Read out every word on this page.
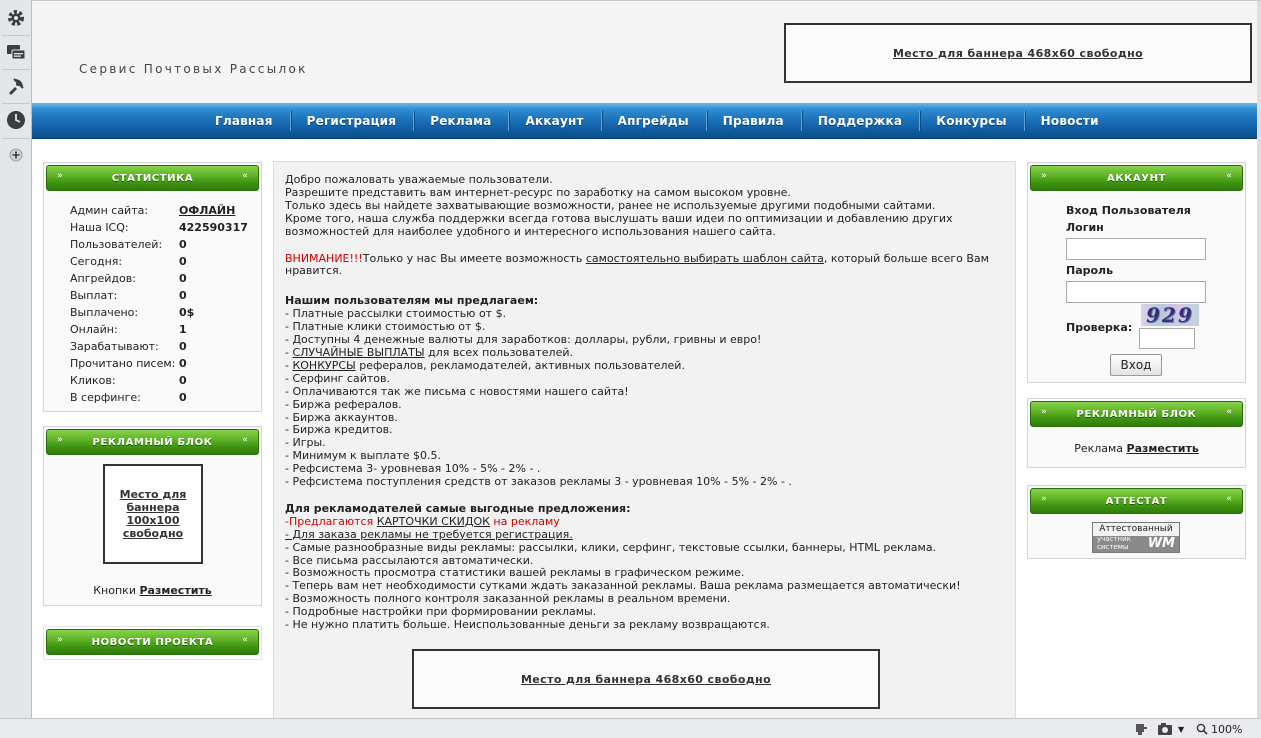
Сервис Почтовых Рассылок
Место для баннера 468х60 свободно
Главная	Регистрация	Реклама	Аккаунт	Апгрейды	Правила	Поддержка	Конкурсы	Новости
»	СТАТИСТИКА	«
Админ сайта:	ОФЛАЙН
Наша ICQ:	422590317
Пользователей: 0
Сегодня:	0
Апгрейдов:	0
Выплат:	0
Выплачено:	0$
Онлайн:	1
Зарабатывают: 0
Прочитано писем: 0
Кликов:	0
В серфинге:	0
»	РЕКЛАМНЫЙ БЛОК	«
Место для
баннера
100х100
свободно
Кнопки Разместить
»	НОВОСТИ ПРОЕКТА	«

Добро пожаловать уважаемые пользователи.

Разрешите представить вам интернет-ресурс по заработку на самом высоком уровне.

Только здесь вы найдете захватывающие возможности, ранее не используемые другими подобными сайтами.

Кроме того, наша служба поддержки всегда готова выслушать ваши идеи по оптимизации и добавлению других

возможностей для наиболее удобного и интересного использования нашего сайта.

ВНИМАНИЕ!!!Только у нас Вы имеете возможность самостоятельно выбирать шаблон сайта, который больше всего Вам

нравится.

Нашим пользователям мы предлагаем:

- Платные рассылки стоимостью от $.

- Платные клики стоимостью от $.

- Доступны 4 денежные валюты для заработков: доллары, рубли, гривны и евро!

- СЛУЧАЙНЫЕ ВЫПЛАТЫ для всех пользователей.

- КОНКУРСЫ рефералов, рекламодателей, активных пользователей.

- Серфинг сайтов.

- Оплачиваются так же письма с новостями нашего сайта!

- Биржа рефералов.

- Биржа аккаунтов.

- Биржа кредитов.

- Игры.

- Минимум к выплате $0.5.

- Рефсистема 3- уровневая 10% - 5% - 2% - .

- Рефсистема поступления средств от заказов рекламы 3 - уровневая 10% - 5% - 2% - .

Для рекламодателей самые выгодные предложения:

-Предлагаются КАРТОЧКИ СКИДОК на рекламу

- Для заказа рекламы не требуется регистрация.

- Самые разнообразные виды рекламы: рассылки, клики, серфинг, текстовые ссылки, баннеры, HTML реклама.

- Все письма рассылаются автоматически.

- Возможность просмотра статистики вашей рекламы в графическом режиме.

- Теперь вам нет необходимости сутками ждать заказанной рекламы. Ваша реклама размещается автоматически!

- Возможность полного контроля заказанной рекламы в реальном времени.

- Подробные настройки при формировании рекламы.

- Не нужно платить больше. Неиспользованные деньги за рекламу возвращаются.

Место для баннера 468х60 свободно
»	АККАУНТ	«
Вход Пользователя
Логин
Пароль
Проверка:
929
Вход
»	РЕКЛАМНЫЙ БЛОК	«
Реклама Разместить
»	АТТЕСТАТ	«
Аттестованный
участник
системы WM
▼ 100%
